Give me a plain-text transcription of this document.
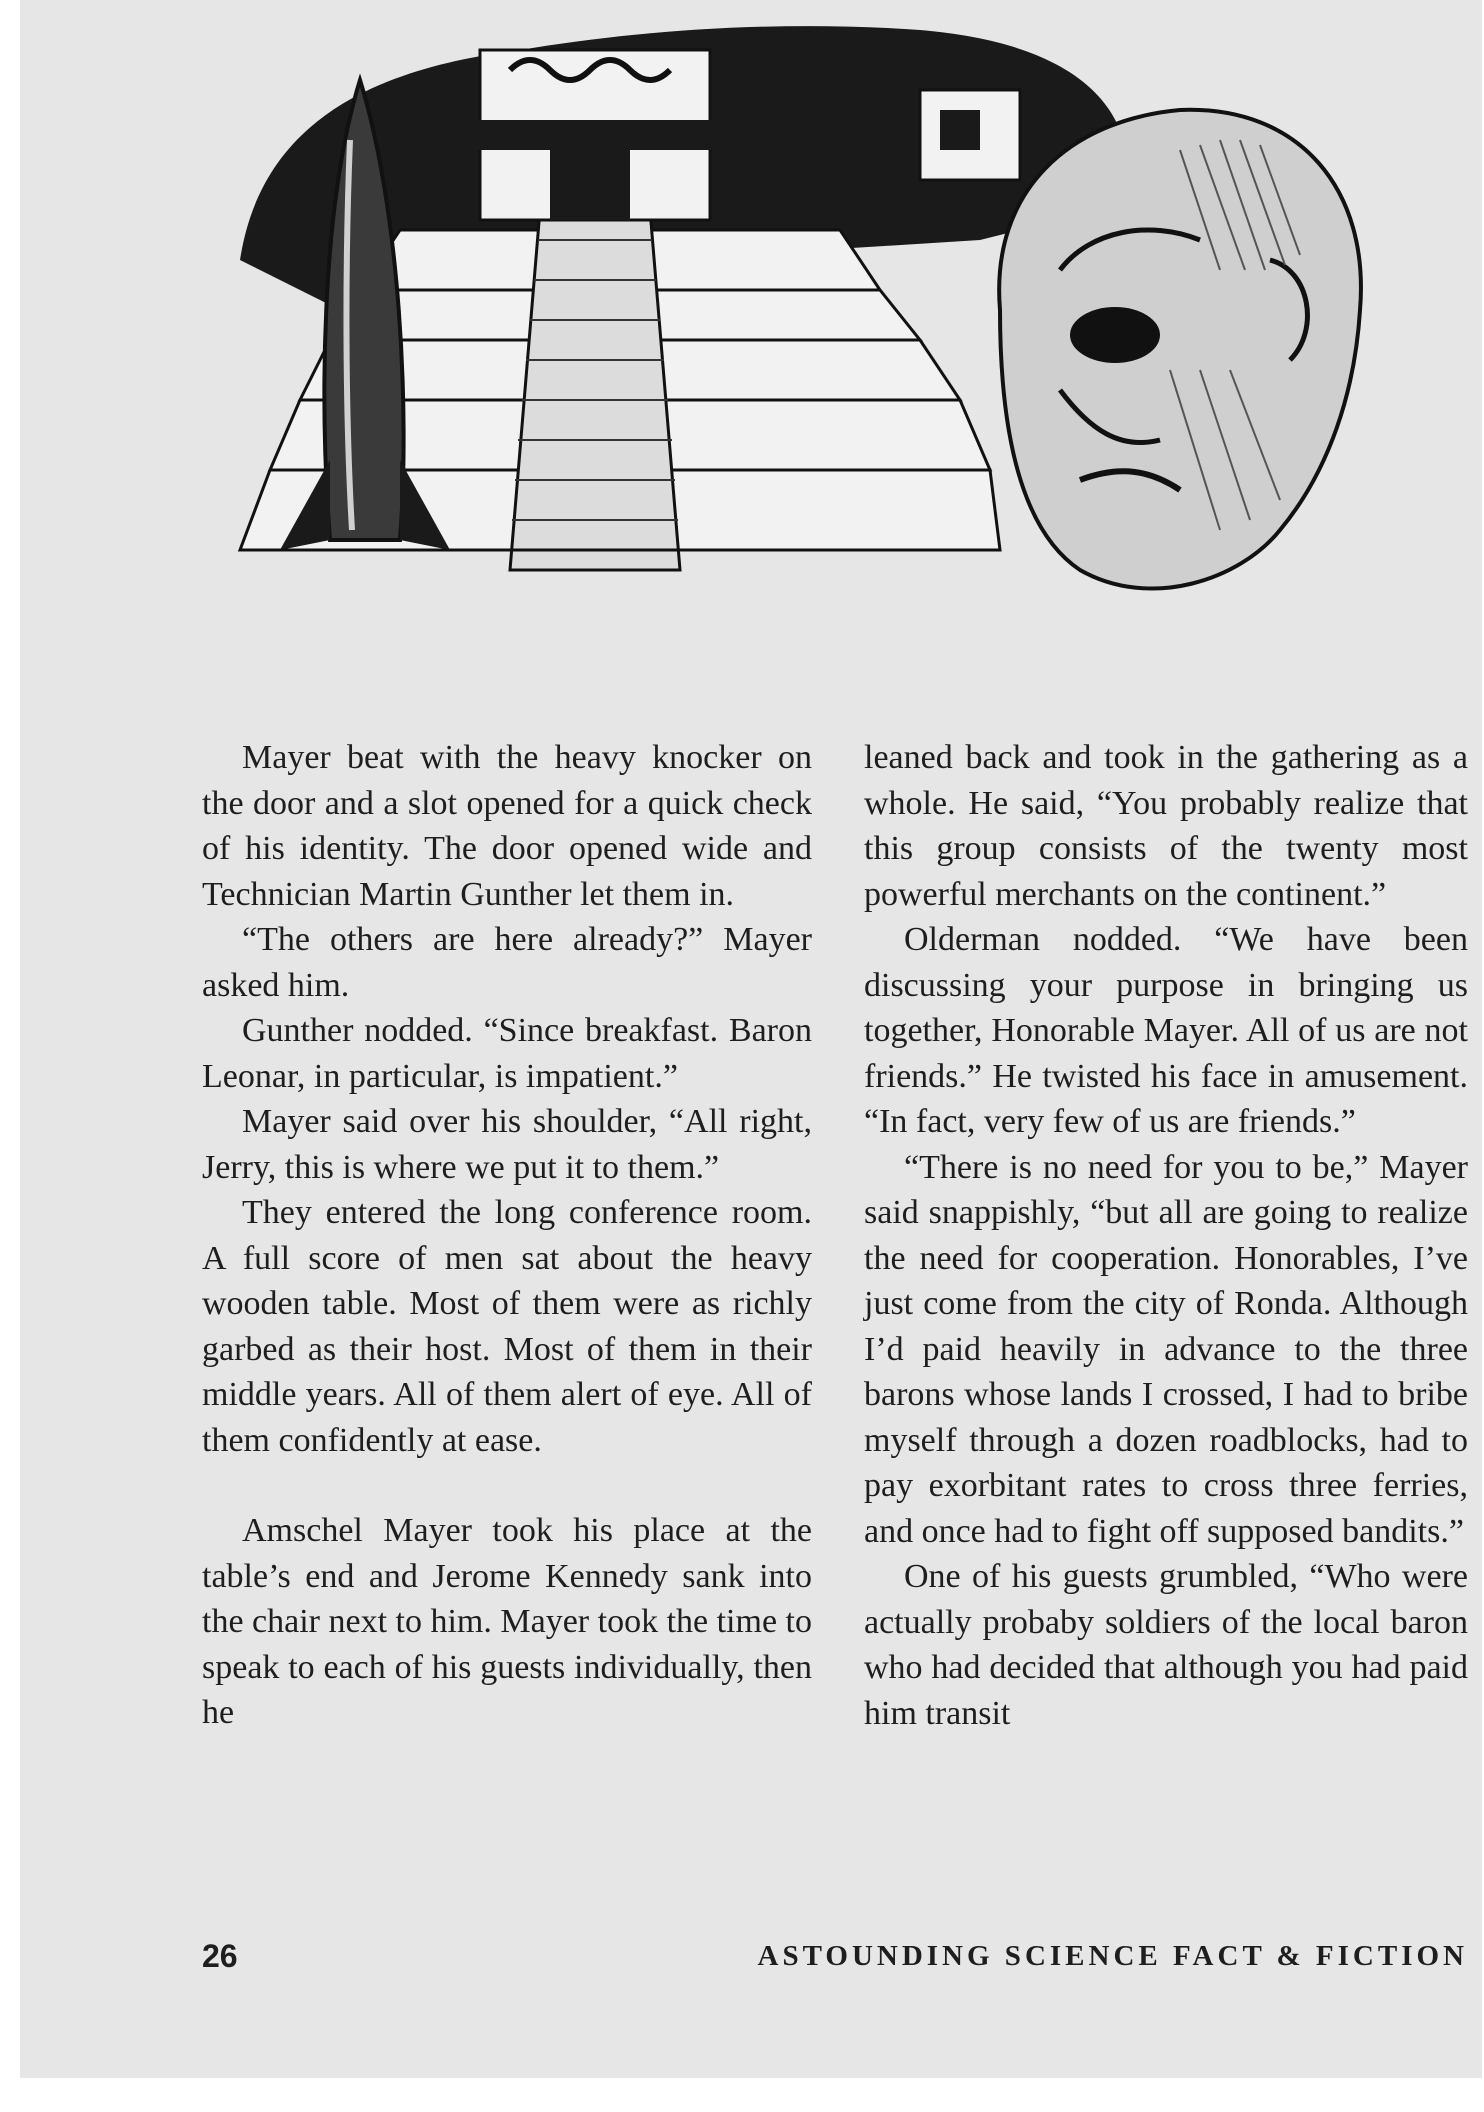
Mayer beat with the heavy knocker on the door and a slot opened for a quick check of his identity. The door opened wide and Technician Martin Gunther let them in.

“The others are here already?” Mayer asked him.

Gunther nodded. “Since breakfast. Baron Leonar, in particular, is impatient.”

Mayer said over his shoulder, “All right, Jerry, this is where we put it to them.”

They entered the long conference room. A full score of men sat about the heavy wooden table. Most of them were as richly garbed as their host. Most of them in their middle years. All of them alert of eye. All of them confidently at ease.

Amschel Mayer took his place at the table’s end and Jerome Kennedy sank into the chair next to him. Mayer took the time to speak to each of his guests individually, then he

leaned back and took in the gathering as a whole. He said, “You probably realize that this group consists of the twenty most powerful merchants on the continent.”

Olderman nodded. “We have been discussing your purpose in bringing us together, Honorable Mayer. All of us are not friends.” He twisted his face in amusement. “In fact, very few of us are friends.”

“There is no need for you to be,” Mayer said snappishly, “but all are going to realize the need for cooperation. Honorables, I’ve just come from the city of Ronda. Although I’d paid heavily in advance to the three barons whose lands I crossed, I had to bribe myself through a dozen roadblocks, had to pay exorbitant rates to cross three ferries, and once had to fight off supposed bandits.”

One of his guests grumbled, “Who were actually probaby soldiers of the local baron who had decided that although you had paid him transit

26	ASTOUNDING SCIENCE FACT & FICTION
